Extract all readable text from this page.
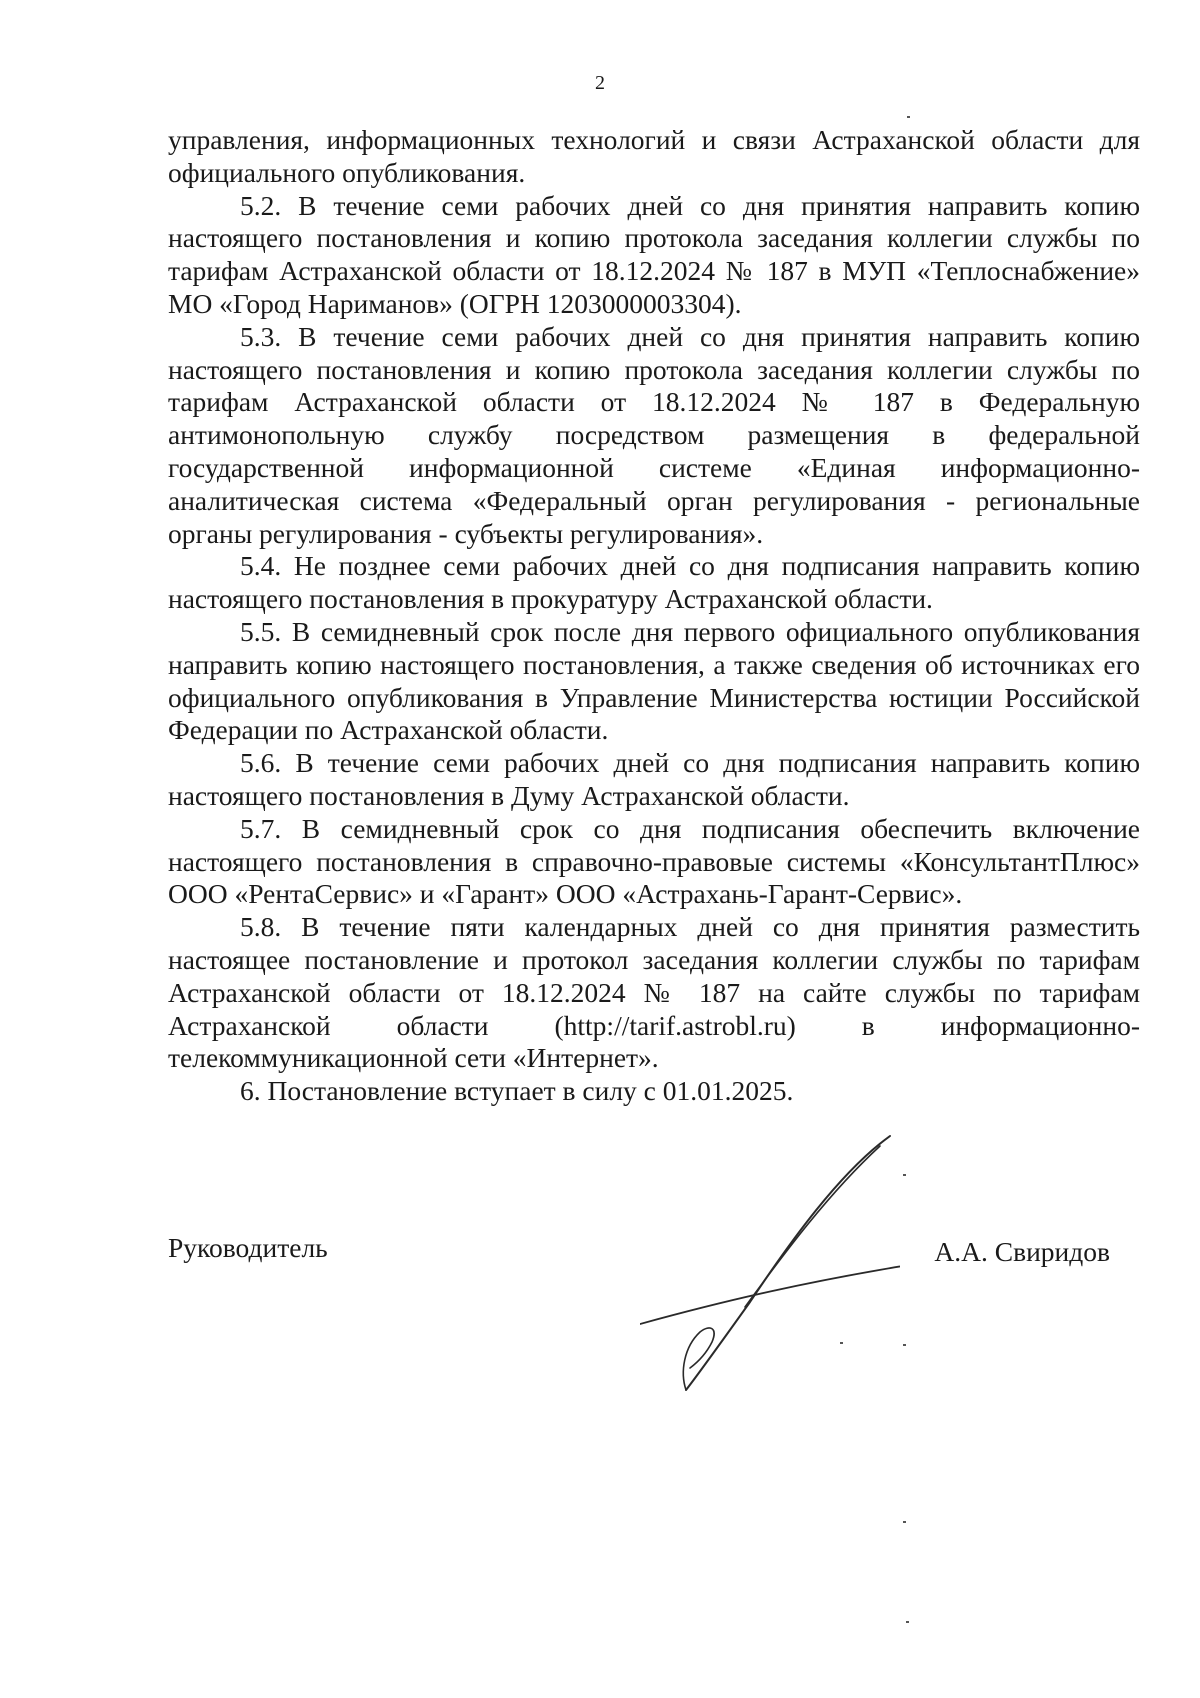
2

управления, информационных технологий и связи Астраханской области для официального опубликования.

5.2. В течение семи рабочих дней со дня принятия направить копию настоящего постановления и копию протокола заседания коллегии службы по тарифам Астраханской области от 18.12.2024 № 187 в МУП «Теплоснабжение» МО «Город Нариманов» (ОГРН 1203000003304).

5.3. В течение семи рабочих дней со дня принятия направить копию настоящего постановления и копию протокола заседания коллегии службы по тарифам Астраханской области от 18.12.2024 № 187 в Федеральную антимонопольную службу посредством размещения в федеральной государственной информационной системе «Единая информационно-аналитическая система «Федеральный орган регулирования - региональные органы регулирования - субъекты регулирования».

5.4. Не позднее семи рабочих дней со дня подписания направить копию настоящего постановления в прокуратуру Астраханской области.

5.5. В семидневный срок после дня первого официального опубликования направить копию настоящего постановления, а также сведения об источниках его официального опубликования в Управление Министерства юстиции Российской Федерации по Астраханской области.

5.6. В течение семи рабочих дней со дня подписания направить копию настоящего постановления в Думу Астраханской области.

5.7. В семидневный срок со дня подписания обеспечить включение настоящего постановления в справочно-правовые системы «КонсультантПлюс» ООО «РентаСервис» и «Гарант» ООО «Астрахань-Гарант-Сервис».

5.8. В течение пяти календарных дней со дня принятия разместить настоящее постановление и протокол заседания коллегии службы по тарифам Астраханской области от 18.12.2024 № 187 на сайте службы по тарифам Астраханской области (http://tarif.astrobl.ru) в информационно-телекоммуникационной сети «Интернет».

6. Постановление вступает в силу с 01.01.2025.

Руководитель	А.А. Свиридов
